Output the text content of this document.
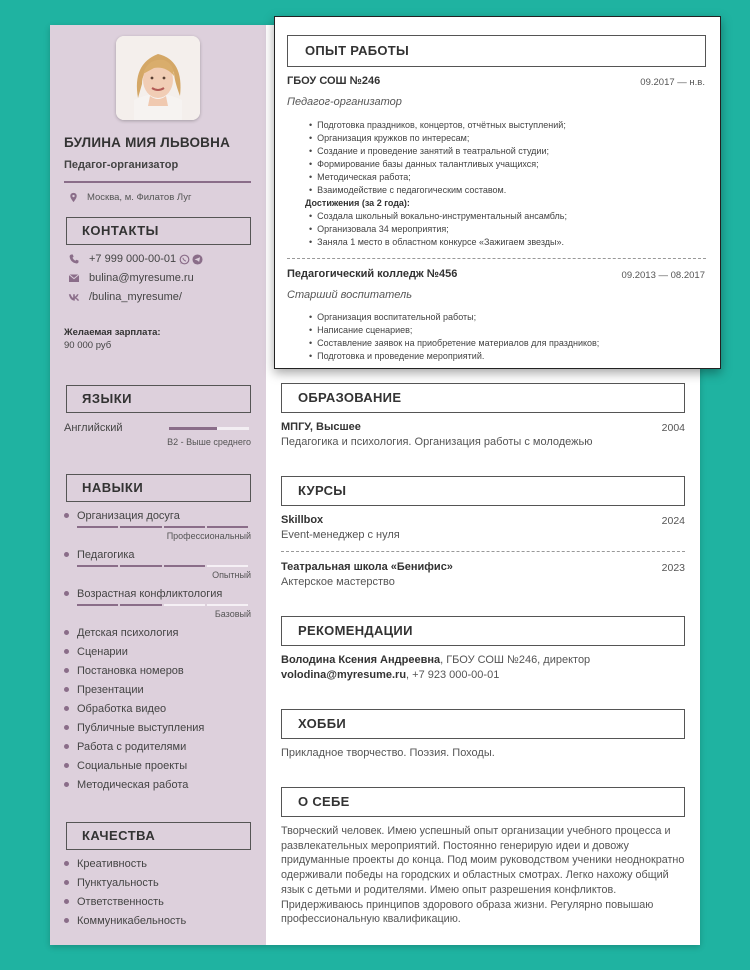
БУЛИНА МИЯ ЛЬВОВНА
Педагог-организатор
Москва, м. Филатов Луг
КОНТАКТЫ
+7 999 000-00-01
bulina@myresume.ru
/bulina_myresume/
Желаемая зарплата:
90 000 руб
ЯЗЫКИ
Английский
B2 - Выше среднего
НАВЫКИ
Организация досуга
Профессиональный
Педагогика
Опытный
Возрастная конфликтология
Базовый
Детская психология
Сценарии
Постановка номеров
Презентации
Обработка видео
Публичные выступления
Работа с родителями
Социальные проекты
Методическая работа
КАЧЕСТВА
Креативность
Пунктуальность
Ответственность
Коммуникабельность
ОБРАЗОВАНИЕ
МПГУ, Высшее	2004
Педагогика и психология. Организация работы с молодежью
КУРСЫ
Skillbox	2024
Event-менеджер с нуля
Театральная школа «Бенифис»	2023
Актерское мастерство
РЕКОМЕНДАЦИИ
Володина Ксения Андреевна, ГБОУ СОШ №246, директор
volodina@myresume.ru, +7 923 000-00-01
ХОББИ
Прикладное творчество. Поэзия. Походы.
О СЕБЕ
Творческий человек. Имею успешный опыт организации учебного процесса и развлекательных мероприятий. Постоянно генерирую идеи и довожу придуманные проекты до конца. Под моим руководством ученики неоднократно одерживали победы на городских и областных смотрах. Легко нахожу общий язык с детьми и родителями. Имею опыт разрешения конфликтов. Придерживаюсь принципов здорового образа жизни. Регулярно повышаю профессиональную квалификацию.
ОПЫТ РАБОТЫ
ГБОУ СОШ №246	09.2017 — н.в.
Педагог-организатор
• Подготовка праздников, концертов, отчётных выступлений;
• Организация кружков по интересам;
• Создание и проведение занятий в театральной студии;
• Формирование базы данных талантливых учащихся;
• Методическая работа;
• Взаимодействие с педагогическим составом.
Достижения (за 2 года):
• Создала школьный вокально-инструментальный ансамбль;
• Организовала 34 мероприятия;
• Заняла 1 место в областном конкурсе «Зажигаем звезды».
Педагогический колледж №456	09.2013 — 08.2017
Старший воспитатель
• Организация воспитательной работы;
• Написание сценариев;
• Составление заявок на приобретение материалов для праздников;
• Подготовка и проведение мероприятий.
